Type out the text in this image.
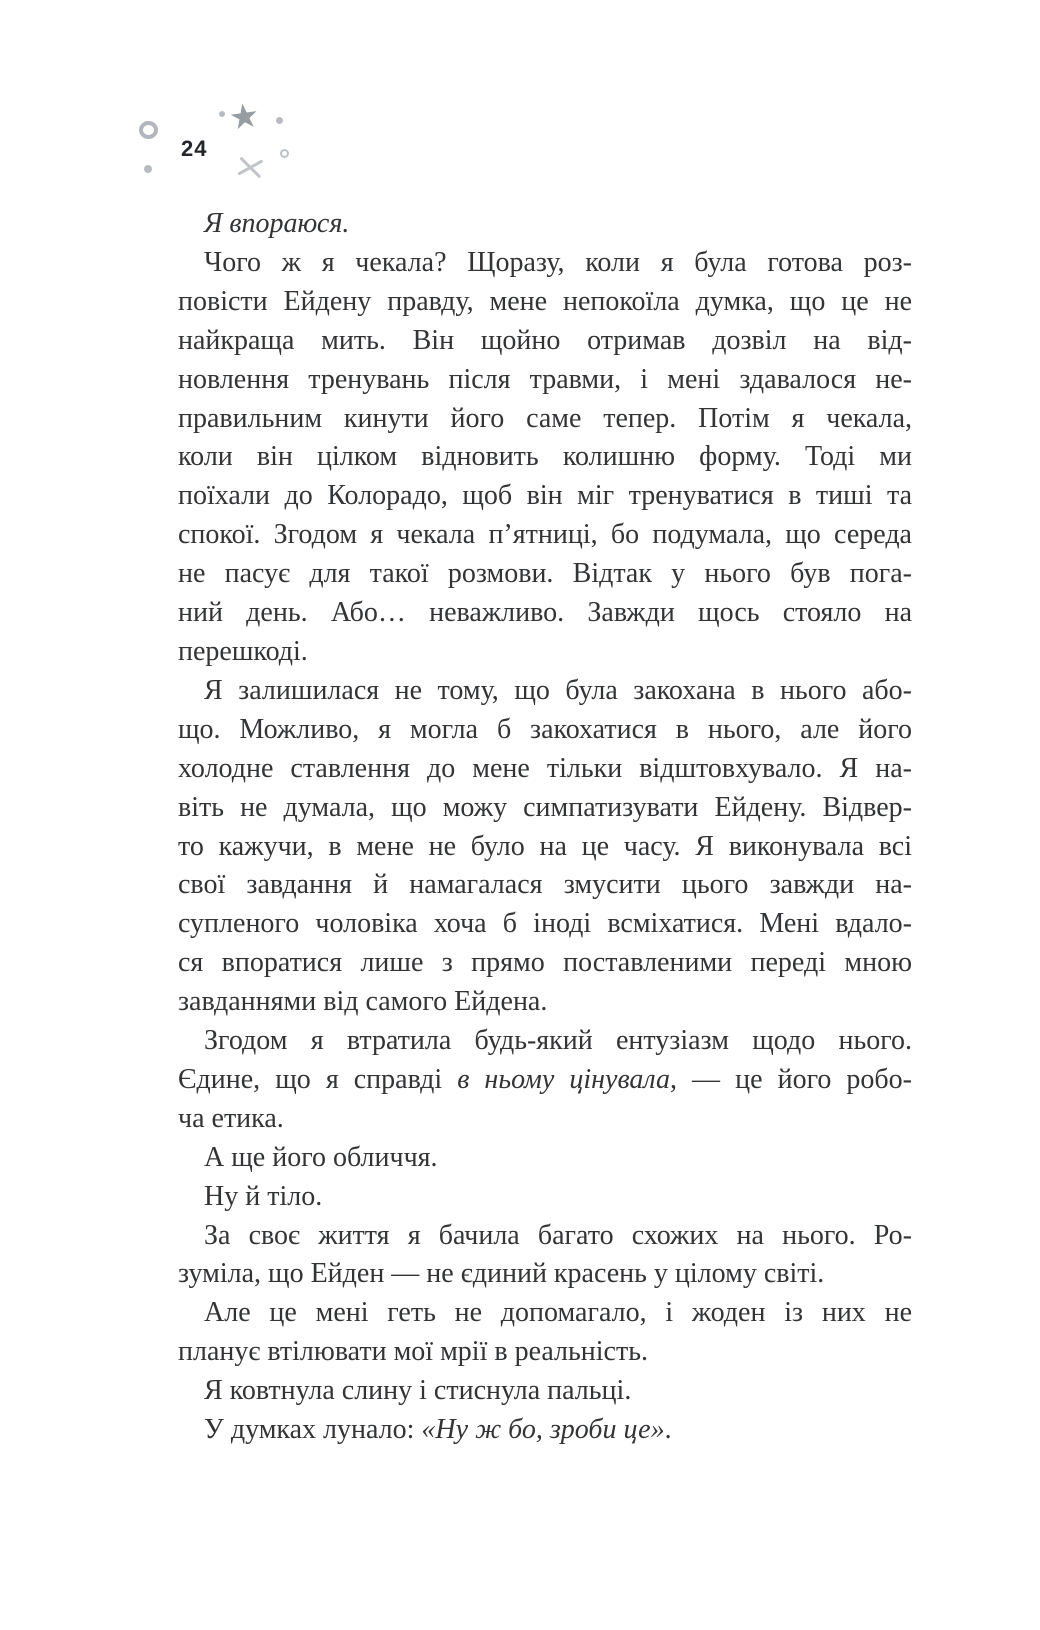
★
24
Я впораюся.
Чого ж я чекала? Щоразу, коли я була готова роз-
повісти Ейдену правду, мене непокоїла думка, що це не
найкраща мить. Він щойно отримав дозвіл на від-
новлення тренувань після травми, і мені здавалося не-
правильним кинути його саме тепер. Потім я чекала,
коли він цілком відновить колишню форму. Тоді ми
поїхали до Колорадо, щоб він міг тренуватися в тиші та
спокої. Згодом я чекала п’ятниці, бо подумала, що середа
не пасує для такої розмови. Відтак у нього був пога-
ний день. Або… неважливо. Завжди щось стояло на
перешкоді.
Я залишилася не тому, що була закохана в нього або-
що. Можливо, я могла б закохатися в нього, але його
холодне ставлення до мене тільки відштовхувало. Я на-
віть не думала, що можу симпатизувати Ейдену. Відвер-
то кажучи, в мене не було на це часу. Я виконувала всі
свої завдання й намагалася змусити цього завжди на-
супленого чоловіка хоча б іноді всміхатися. Мені вдало-
ся впоратися лише з прямо поставленими переді мною
завданнями від самого Ейдена.
Згодом я втратила будь-який ентузіазм щодо нього.
Єдине, що я справді в ньому цінувала, — це його робо-
ча етика.
А ще його обличчя.
Ну й тіло.
За своє життя я бачила багато схожих на нього. Ро-
зуміла, що Ейден — не єдиний красень у цілому світі.
Але це мені геть не допомагало, і жоден із них не
планує втілювати мої мрії в реальність.
Я ковтнула слину і стиснула пальці.
У думках лунало: «Ну ж бо, зроби це».
